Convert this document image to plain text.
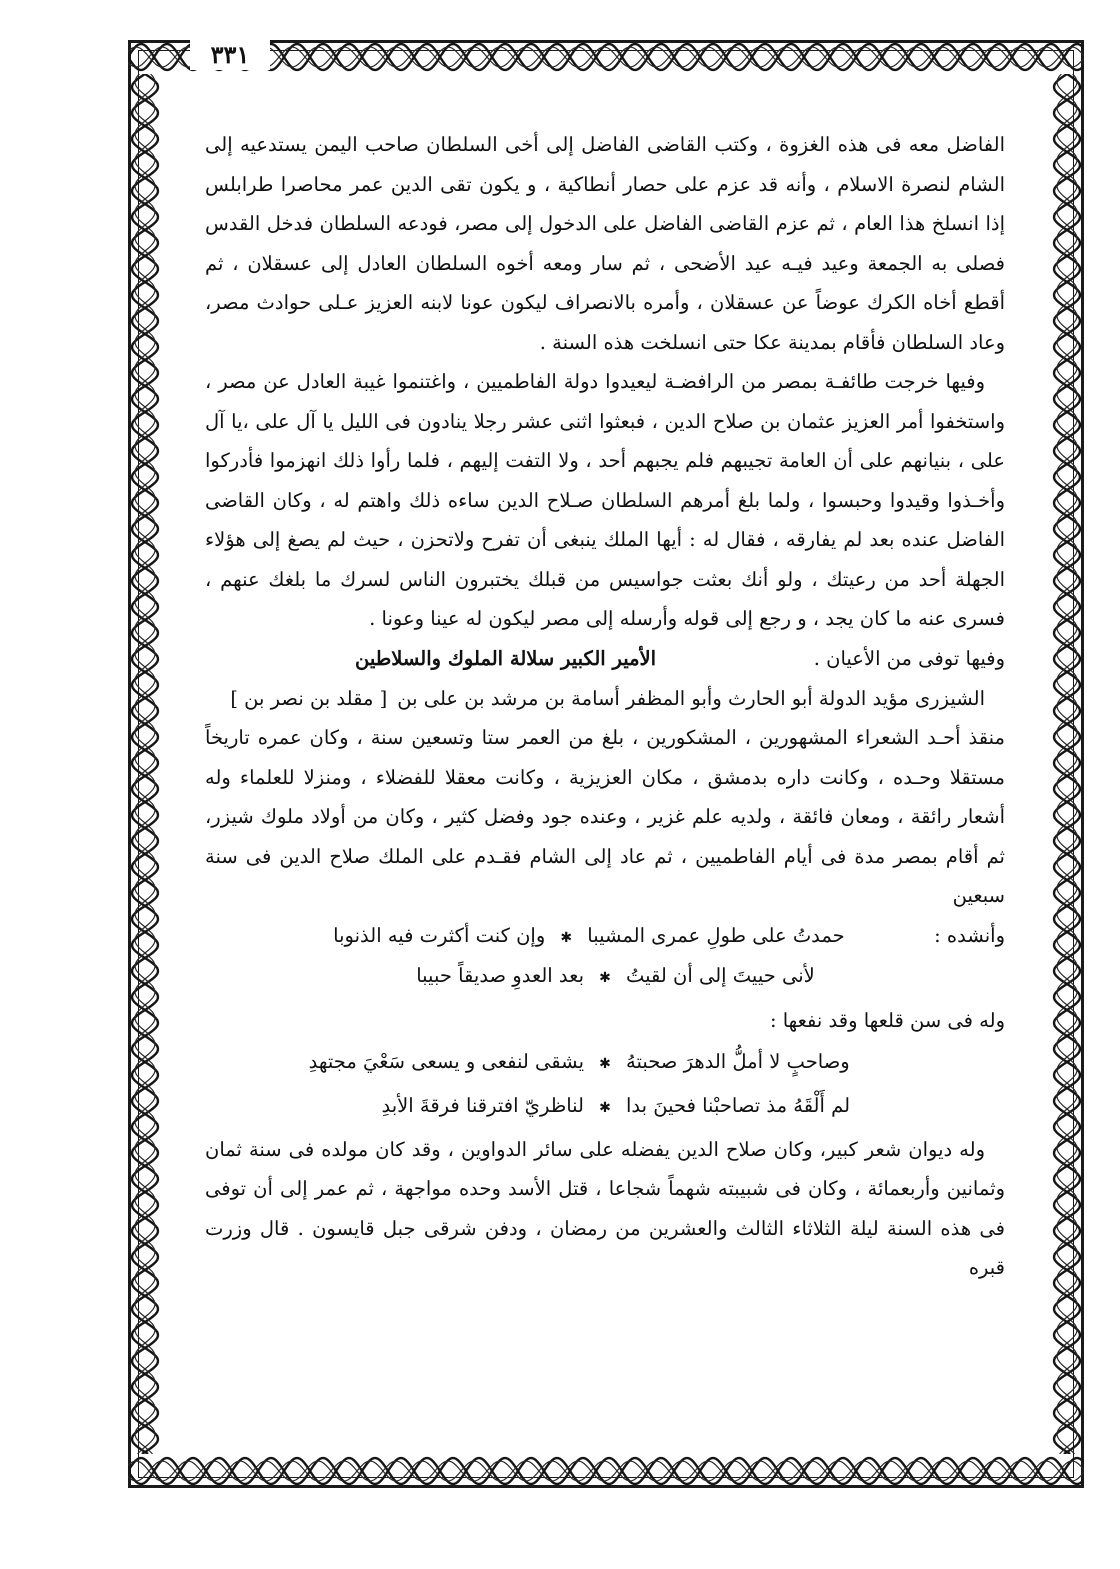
٣٣١

الفاضل معه فى هذه الغزوة ، وكتب القاضى الفاضل إلى أخى السلطان صاحب اليمن يستدعيه إلى الشام لنصرة الاسلام ، وأنه قد عزم على حصار أنطاكية ، و يكون تقى الدين عمر محاصرا طرابلس إذا انسلخ هذا العام ، ثم عزم القاضى الفاضل على الدخول إلى مصر، فودعه السلطان فدخل القدس فصلى به الجمعة وعيد فيـه عيد الأضحى ، ثم سار ومعه أخوه السلطان العادل إلى عسقلان ، ثم أقطع أخاه الكرك عوضاً عن عسقلان ، وأمره بالانصراف ليكون عونا لابنه العزيز عـلى حوادث مصر، وعاد السلطان فأقام بمدينة عكا حتى انسلخت هذه السنة .

وفيها خرجت طائفـة بمصر من الرافضـة ليعيدوا دولة الفاطميين ، واغتنموا غيبة العادل عن مصر ، واستخفوا أمر العزيز عثمان بن صلاح الدين ، فبعثوا اثنى عشر رجلا ينادون فى الليل يا آل على ،يا آل على ، بنيانهم على أن العامة تجيبهم فلم يجبهم أحد ، ولا التفت إليهم ، فلما رأوا ذلك انهزموا فأدركوا وأخـذوا وقيدوا وحبسوا ، ولما بلغ أمرهم السلطان صـلاح الدين ساءه ذلك واهتم له ، وكان القاضى الفاضل عنده بعد لم يفارقه ، فقال له : أيها الملك ينبغى أن تفرح ولاتحزن ، حيث لم يصغ إلى هؤلاء الجهلة أحد من رعيتك ، ولو أنك بعثت جواسيس من قبلك يختبرون الناس لسرك ما بلغك عنهم ، فسرى عنه ما كان يجد ، و رجع إلى قوله وأرسله إلى مصر ليكون له عينا وعونا .

وفيها توفى من الأعيان .
الأمير الكبير سلالة الملوك والسلاطين

الشيزرى مؤيد الدولة أبو الحارث وأبو المظفر أسامة بن مرشد بن على بن[ مقلد بن نصر بن ]

منقذ أحـد الشعراء المشهورين ، المشكورين ، بلغ من العمر ستا وتسعين سنة ، وكان عمره تاريخاً مستقلا وحـده ، وكانت داره بدمشق ، مكان العزيزية ، وكانت معقلا للفضلاء ، ومنزلا للعلماء وله أشعار رائقة ، ومعان فائقة ، ولديه علم غزير ، وعنده جود وفضل كثير ، وكان من أولاد ملوك شيزر، ثم أقام بمصر مدة فى أيام الفاطميين ، ثم عاد إلى الشام فقـدم على الملك صلاح الدين فى سنة سبعين

وأنشده :
حمدتُ على طولِ عمرى المشيبا
✱
وإن كنت أكثرت فيه الذنوبا
لأنى حييتَ إلى أن لقيتُ
✱
بعد العدوِ صديقاً حبيبا
وله فى سن قلعها وقد نفعها :
وصاحبٍ لا أملُّ الدهرَ صحبتهُ
✱
يشقى لنفعى و يسعى سَعْيَ مجتهدِ
لم أَلْقَهُ مذ تصاحبْنا فحينَ بدا
✱
لناظريّ افترقنا فرقةَ الأبدِ

وله ديوان شعر كبير، وكان صلاح الدين يفضله على سائر الدواوين ، وقد كان مولده فى سنة ثمان وثمانين وأربعمائة ، وكان فى شبيبته شهماً شجاعا ، قتل الأسد وحده مواجهة ، ثم عمر إلى أن توفى فى هذه السنة ليلة الثلاثاء الثالث والعشرين من رمضان ، ودفن شرقى جبل قايسون . قال وزرت قبره
